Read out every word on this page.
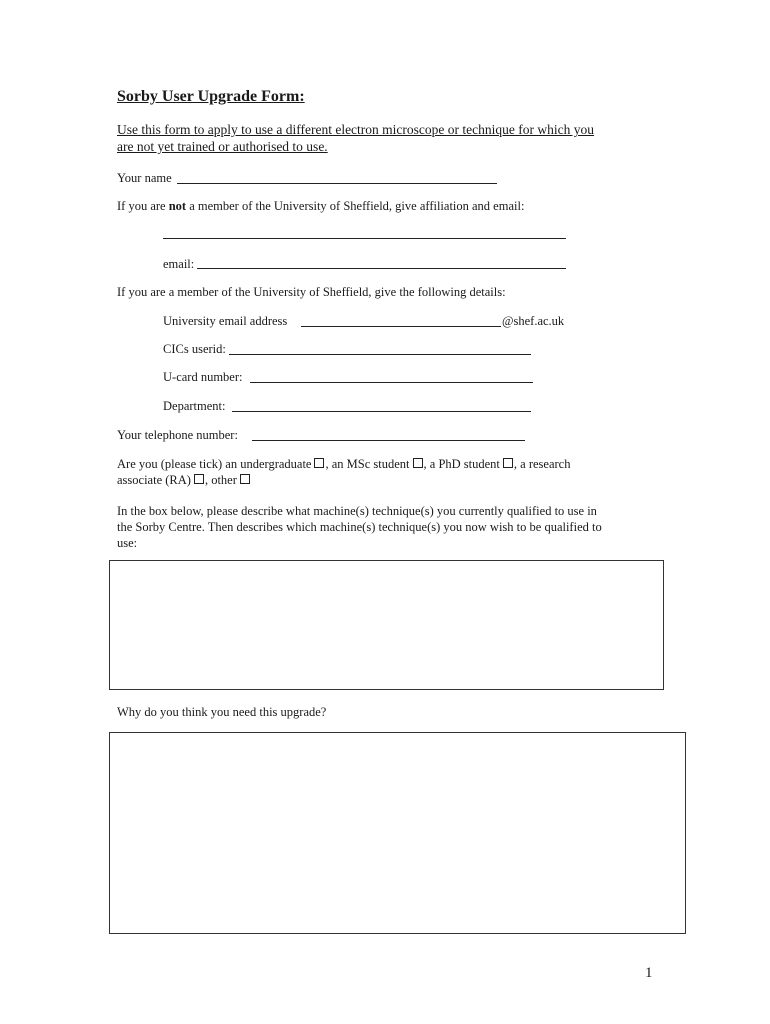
Sorby User Upgrade Form:
Use this form to apply to use a different electron microscope or technique for which you
are not yet trained or authorised to use.
Your name
If you are not a member of the University of Sheffield, give affiliation and email:
email:
If you are a member of the University of Sheffield, give the following details:
University email address	@shef.ac.uk
CICs userid:
U-card number:
Department:
Your telephone number:
Are you (please tick) an undergraduate , an MSc student , a PhD student , a research
associate (RA) , other
In the box below, please describe what machine(s) technique(s) you currently qualified to use in
the Sorby Centre. Then describes which machine(s) technique(s) you now wish to be qualified to
use:
Why do you think you need this upgrade?
1
